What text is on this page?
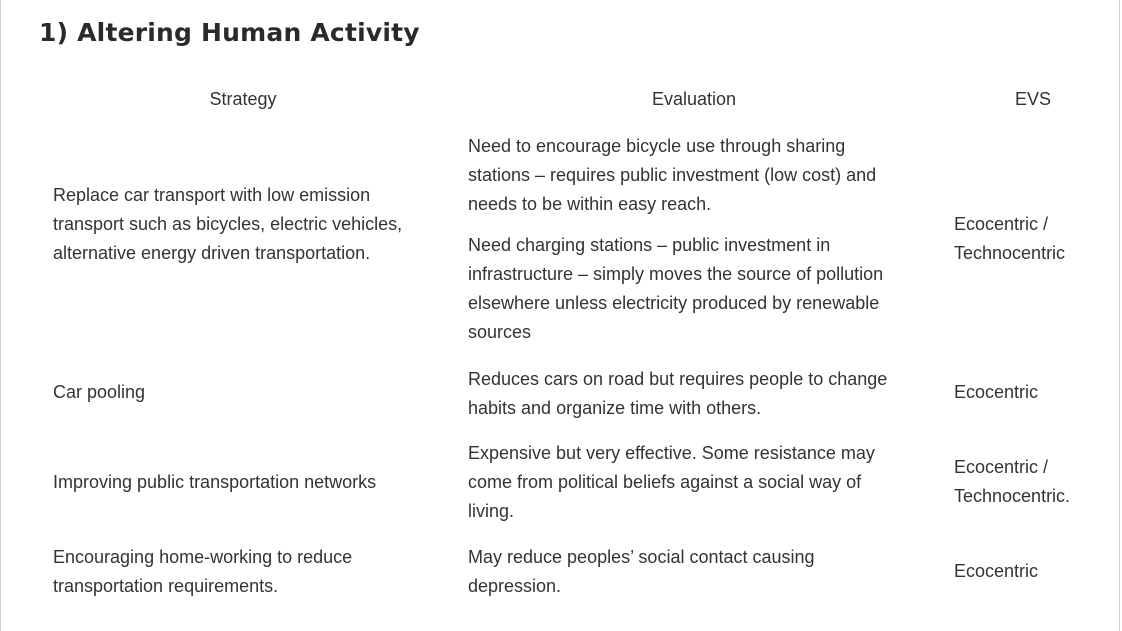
1) Altering Human Activity
Strategy	Evaluation	EVS
Replace car transport with low emission transport such as bicycles, electric vehicles, alternative energy driven transportation.
Need to encourage bicycle use through sharing stations – requires public investment (low cost) and needs to be within easy reach.
Need charging stations – public investment in infrastructure – simply moves the source of pollution elsewhere unless electricity produced by renewable sources
Ecocentric / Technocentric
Car pooling
Reduces cars on road but requires people to change habits and organize time with others.
Ecocentric
Improving public transportation networks
Expensive but very effective. Some resistance may come from political beliefs against a social way of living.
Ecocentric / Technocentric.
Encouraging home-working to reduce transportation requirements.
May reduce peoples’ social contact causing depression.
Ecocentric
